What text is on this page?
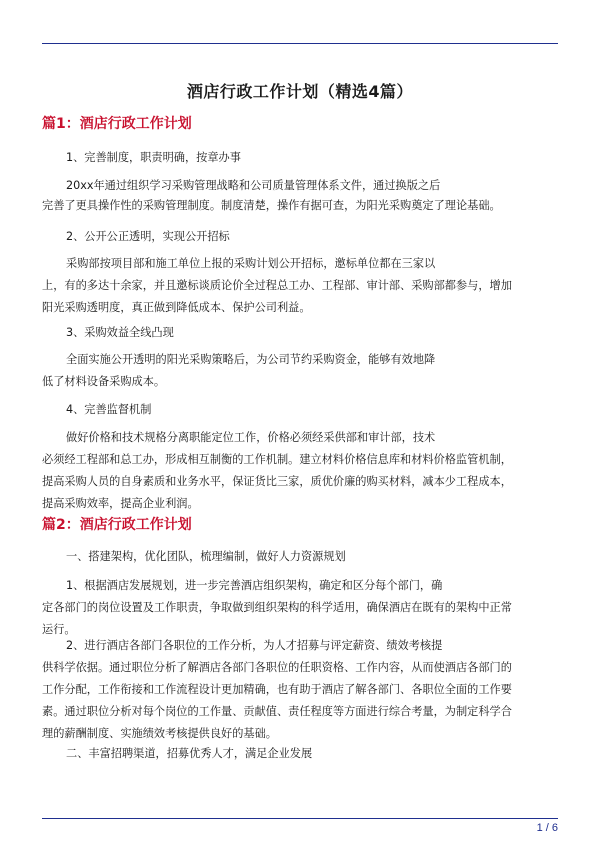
酒店行政工作计划（精选4篇）
篇1：酒店行政工作计划
1、完善制度，职责明确，按章办事
20xx年通过组织学习采购管理战略和公司质量管理体系文件，通过换版之后
完善了更具操作性的采购管理制度。制度清楚，操作有据可查，为阳光采购奠定了理论基础。
2、公开公正透明，实现公开招标
采购部按项目部和施工单位上报的采购计划公开招标，邀标单位都在三家以
上，有的多达十余家，并且邀标谈质论价全过程总工办、工程部、审计部、采购部都参与，增加
阳光采购透明度，真正做到降低成本、保护公司利益。
3、采购效益全线凸现
全面实施公开透明的阳光采购策略后，为公司节约采购资金，能够有效地降
低了材料设备采购成本。
4、完善监督机制
做好价格和技术规格分离职能定位工作，价格必须经采供部和审计部，技术
必须经工程部和总工办，形成相互制衡的工作机制。建立材料价格信息库和材料价格监管机制，
提高采购人员的自身素质和业务水平，保证货比三家，质优价廉的购买材料，减本少工程成本，
提高采购效率，提高企业利润。
篇2：酒店行政工作计划
一、搭建架构，优化团队，梳理编制，做好人力资源规划
1、根据酒店发展规划，进一步完善酒店组织架构，确定和区分每个部门，确
定各部门的岗位设置及工作职责，争取做到组织架构的科学适用，确保酒店在既有的架构中正常
运行。
2、进行酒店各部门各职位的工作分析，为人才招募与评定薪资、绩效考核提
供科学依据。通过职位分析了解酒店各部门各职位的任职资格、工作内容，从而使酒店各部门的
工作分配，工作衔接和工作流程设计更加精确，也有助于酒店了解各部门、各职位全面的工作要
素。通过职位分析对每个岗位的工作量、贡献值、责任程度等方面进行综合考量，为制定科学合
理的薪酬制度、实施绩效考核提供良好的基础。
二、丰富招聘渠道，招募优秀人才，满足企业发展
1 / 6
